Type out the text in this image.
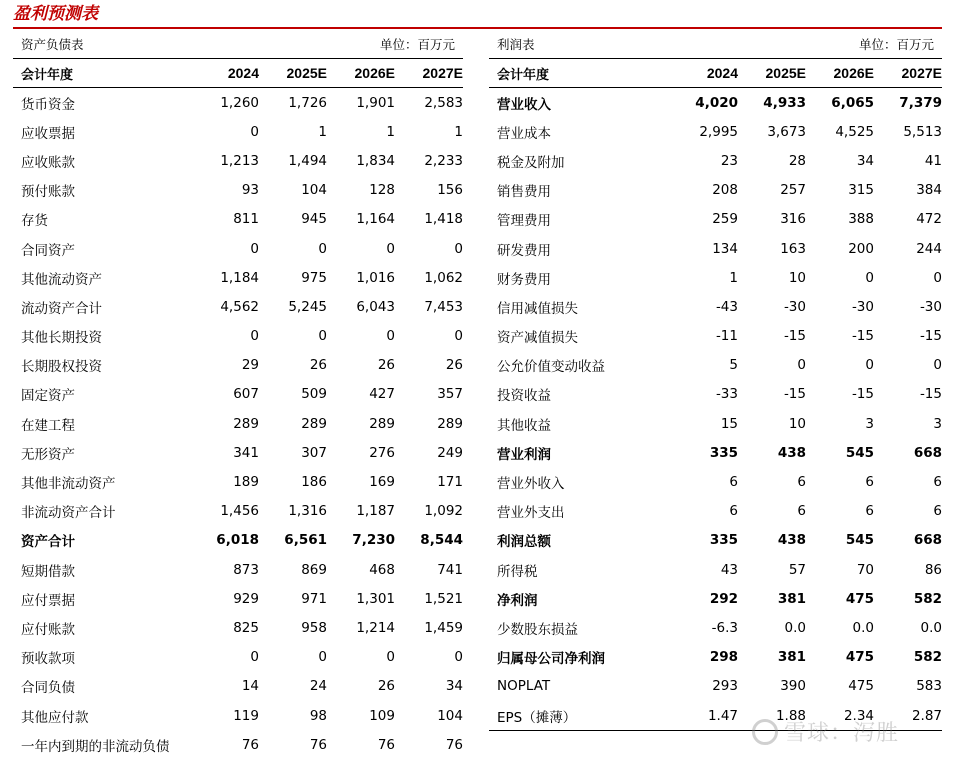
盈利预测表
资产负债表	单位：百万元
会计年度	2024	2025E	2026E	2027E
货币资金	1,260	1,726	1,901	2,583
应收票据	0	1	1	1
应收账款	1,213	1,494	1,834	2,233
预付账款	93	104	128	156
存货	811	945	1,164	1,418
合同资产	0	0	0	0
其他流动资产	1,184	975	1,016	1,062
流动资产合计	4,562	5,245	6,043	7,453
其他长期投资	0	0	0	0
长期股权投资	29	26	26	26
固定资产	607	509	427	357
在建工程	289	289	289	289
无形资产	341	307	276	249
其他非流动资产	189	186	169	171
非流动资产合计	1,456	1,316	1,187	1,092
资产合计	6,018	6,561	7,230	8,544
短期借款	873	869	468	741
应付票据	929	971	1,301	1,521
应付账款	825	958	1,214	1,459
预收款项	0	0	0	0
合同负债	14	24	26	34
其他应付款	119	98	109	104
一年内到期的非流动负债	76	76	76	76
利润表	单位：百万元
会计年度	2024	2025E	2026E	2027E
营业收入	4,020	4,933	6,065	7,379
营业成本	2,995	3,673	4,525	5,513
税金及附加	23	28	34	41
销售费用	208	257	315	384
管理费用	259	316	388	472
研发费用	134	163	200	244
财务费用	1	10	0	0
信用减值损失	-43	-30	-30	-30
资产减值损失	-11	-15	-15	-15
公允价值变动收益	5	0	0	0
投资收益	-33	-15	-15	-15
其他收益	15	10	3	3
营业利润	335	438	545	668
营业外收入	6	6	6	6
营业外支出	6	6	6	6
利润总额	335	438	545	668
所得税	43	57	70	86
净利润	292	381	475	582
少数股东损益	-6.3	0.0	0.0	0.0
归属母公司净利润	298	381	475	582
NOPLAT	293	390	475	583
EPS（摊薄）	1.47	1.88	2.34	2.87
雪球：泻胜
